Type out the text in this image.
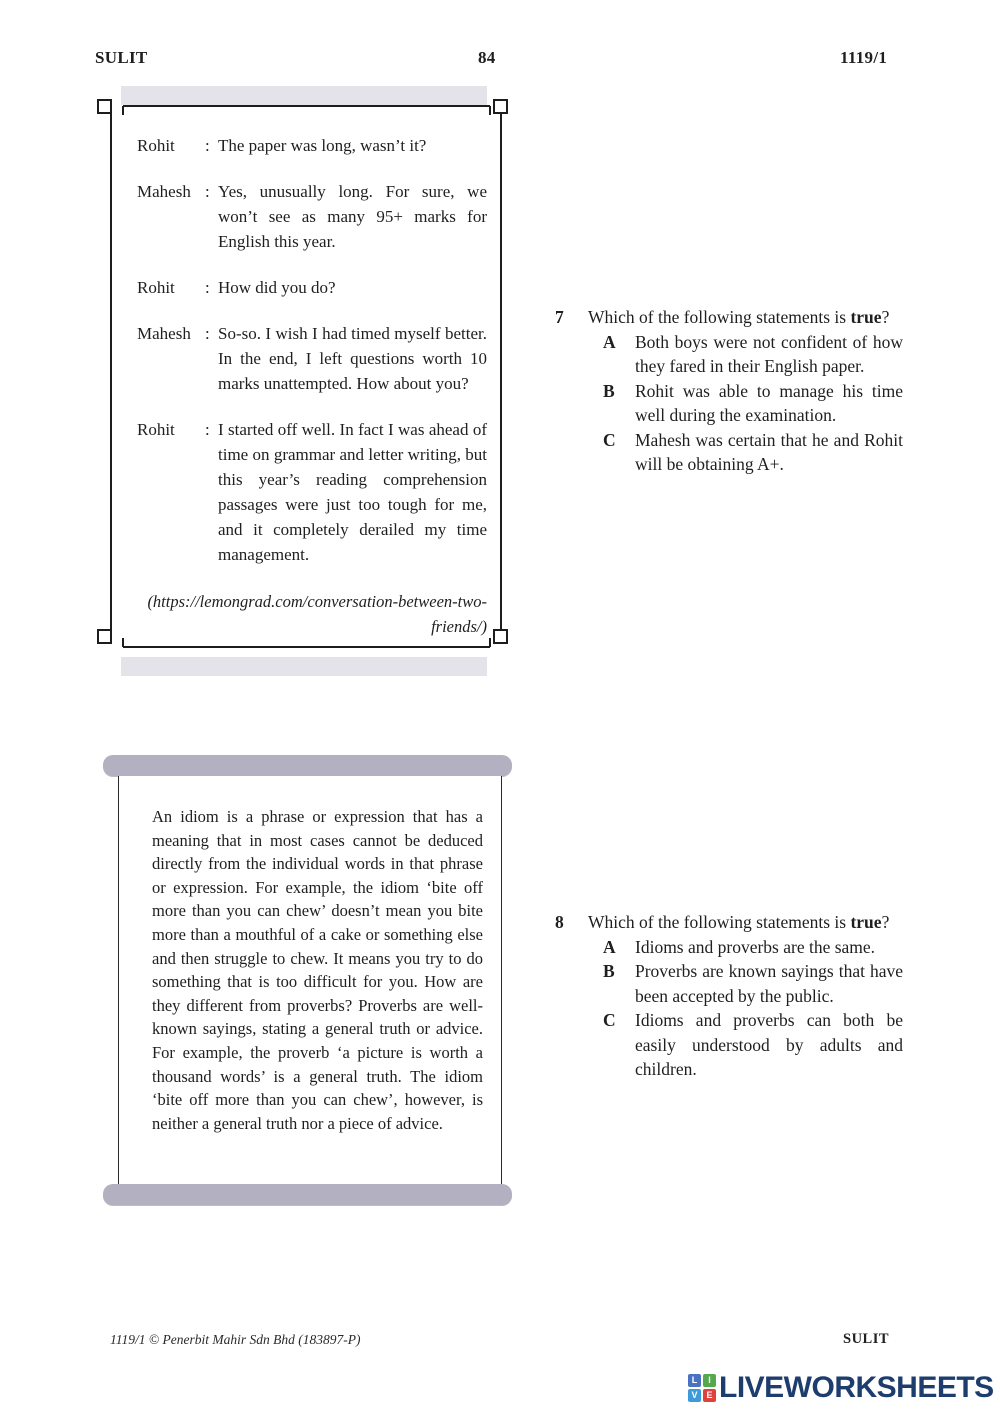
SULIT	84	1119/1
Rohit	: The paper was long, wasn’t it?
Mahesh : Yes, unusually long. For sure, we won’t see as many 95+ marks for English this year.
Rohit	: How did you do?
Mahesh : So-so. I wish I had timed myself better. In the end, I left questions worth 10 marks unattempted. How about you?
Rohit	: I started off well. In fact I was ahead of time on grammar and letter writing, but this year’s reading comprehension passages were just too tough for me, and it completely derailed my time management.
(https://lemongrad.com/conversation-between-two-friends/)
7	Which of the following statements is true?
A Both boys were not confident of how they fared in their English paper.
B Rohit was able to manage his time well during the examination.
C Mahesh was certain that he and Rohit will be obtaining A+.
An idiom is a phrase or expression that has a meaning that in most cases cannot be deduced directly from the individual words in that phrase or expression. For example, the idiom ‘bite off more than you can chew’ doesn’t mean you bite more than a mouthful of a cake or something else and then struggle to chew. It means you try to do something that is too difficult for you. How are they different from proverbs? Proverbs are well-known sayings, stating a general truth or advice. For example, the proverb ‘a picture is worth a thousand words’ is a general truth. The idiom ‘bite off more than you can chew’, however, is neither a general truth nor a piece of advice.
8	Which of the following statements is true?
A Idioms and proverbs are the same.
B Proverbs are known sayings that have been accepted by the public.
C Idioms and proverbs can both be easily understood by adults and children.
1119/1 © Penerbit Mahir Sdn Bhd (183897-P)	SULIT
L	I
V E LIVEWORKSHEETS
